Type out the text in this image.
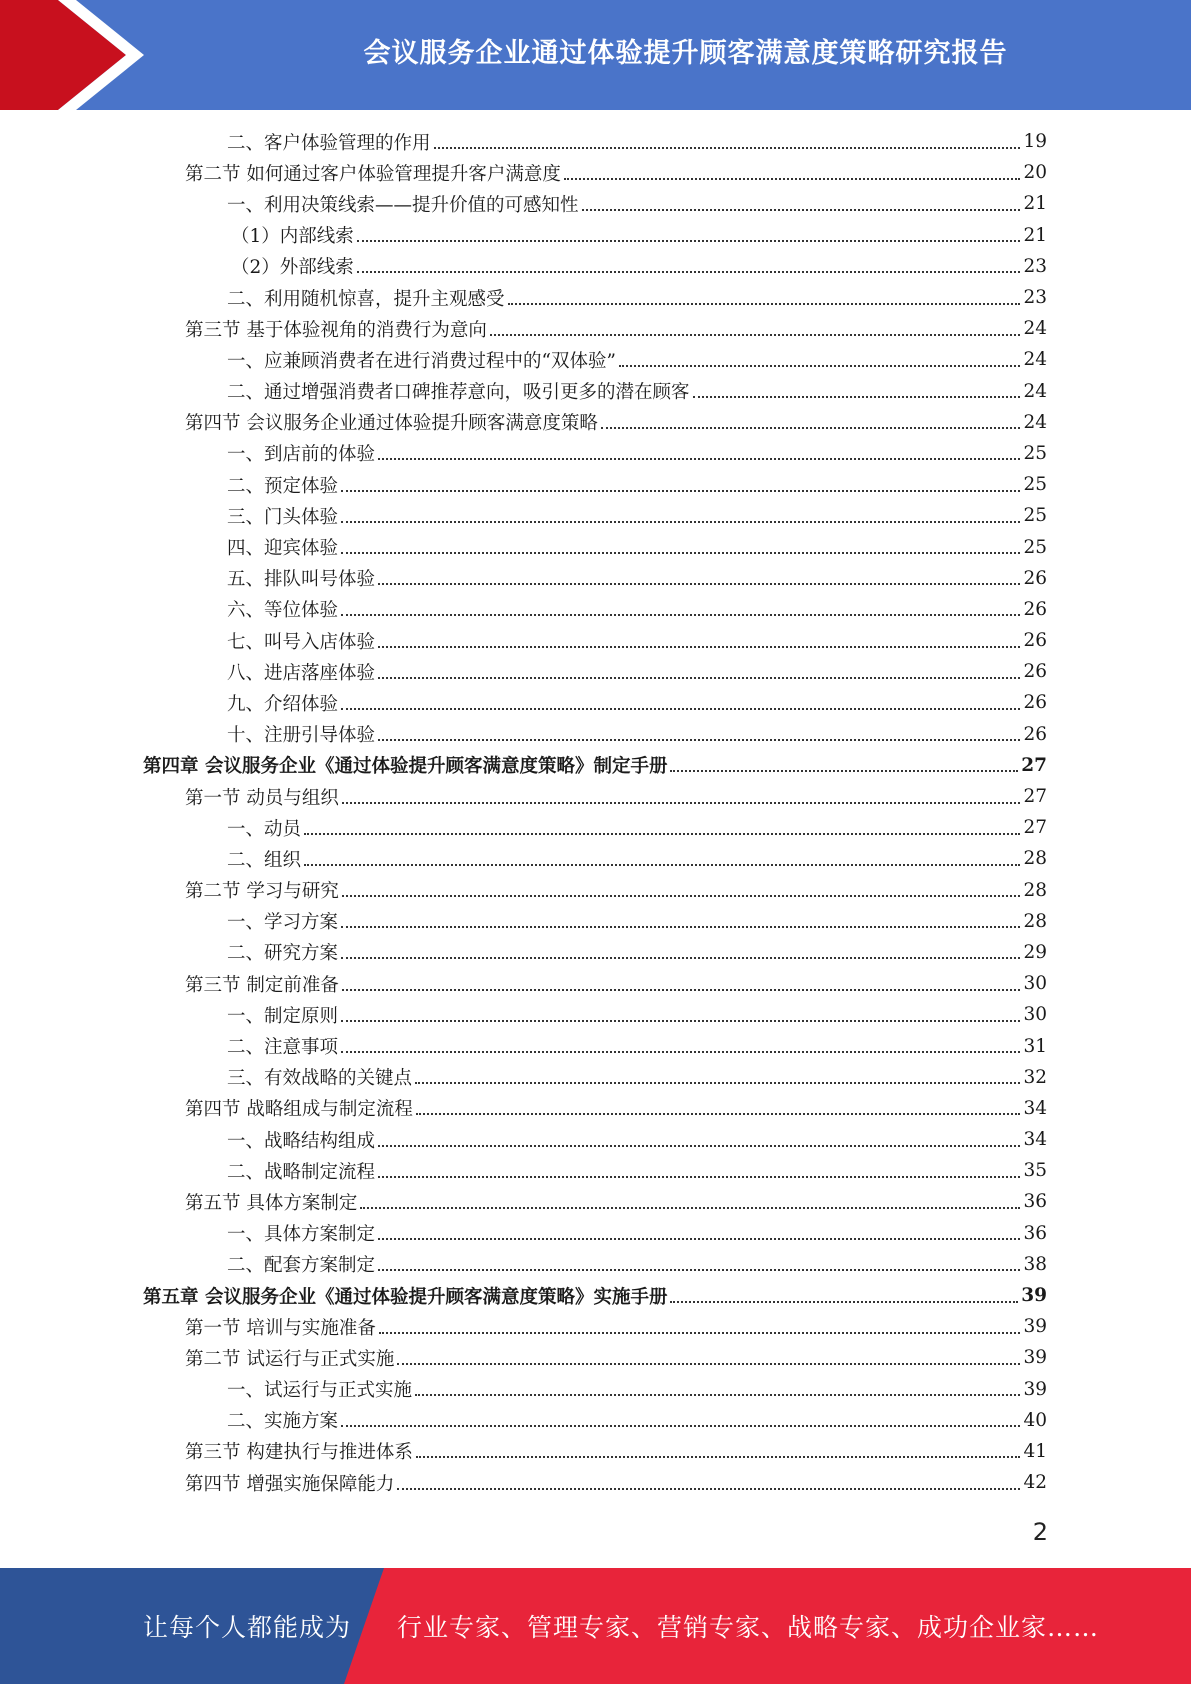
会议服务企业通过体验提升顾客满意度策略研究报告
二、客户体验管理的作用	19
第二节 如何通过客户体验管理提升客户满意度	20
一、利用决策线索——提升价值的可感知性	21
（1）内部线索	21
（2）外部线索	23
二、利用随机惊喜，提升主观感受	23
第三节 基于体验视角的消费行为意向	24
一、应兼顾消费者在进行消费过程中的“双体验”	24
二、通过增强消费者口碑推荐意向，吸引更多的潜在顾客	24
第四节 会议服务企业通过体验提升顾客满意度策略	24
一、到店前的体验	25
二、预定体验	25
三、门头体验	25
四、迎宾体验	25
五、排队叫号体验	26
六、等位体验	26
七、叫号入店体验	26
八、进店落座体验	26
九、介绍体验	26
十、注册引导体验	26
第四章 会议服务企业《通过体验提升顾客满意度策略》制定手册	27
第一节 动员与组织	27
一、动员	27
二、组织	28
第二节 学习与研究	28
一、学习方案	28
二、研究方案	29
第三节 制定前准备	30
一、制定原则	30
二、注意事项	31
三、有效战略的关键点	32
第四节 战略组成与制定流程	34
一、战略结构组成	34
二、战略制定流程	35
第五节 具体方案制定	36
一、具体方案制定	36
二、配套方案制定	38
第五章 会议服务企业《通过体验提升顾客满意度策略》实施手册	39
第一节 培训与实施准备	39
第二节 试运行与正式实施	39
一、试运行与正式实施	39
二、实施方案	40
第三节 构建执行与推进体系	41
第四节 增强实施保障能力	42
2
让每个人都能成为 行业专家、管理专家、营销专家、战略专家、成功企业家……
